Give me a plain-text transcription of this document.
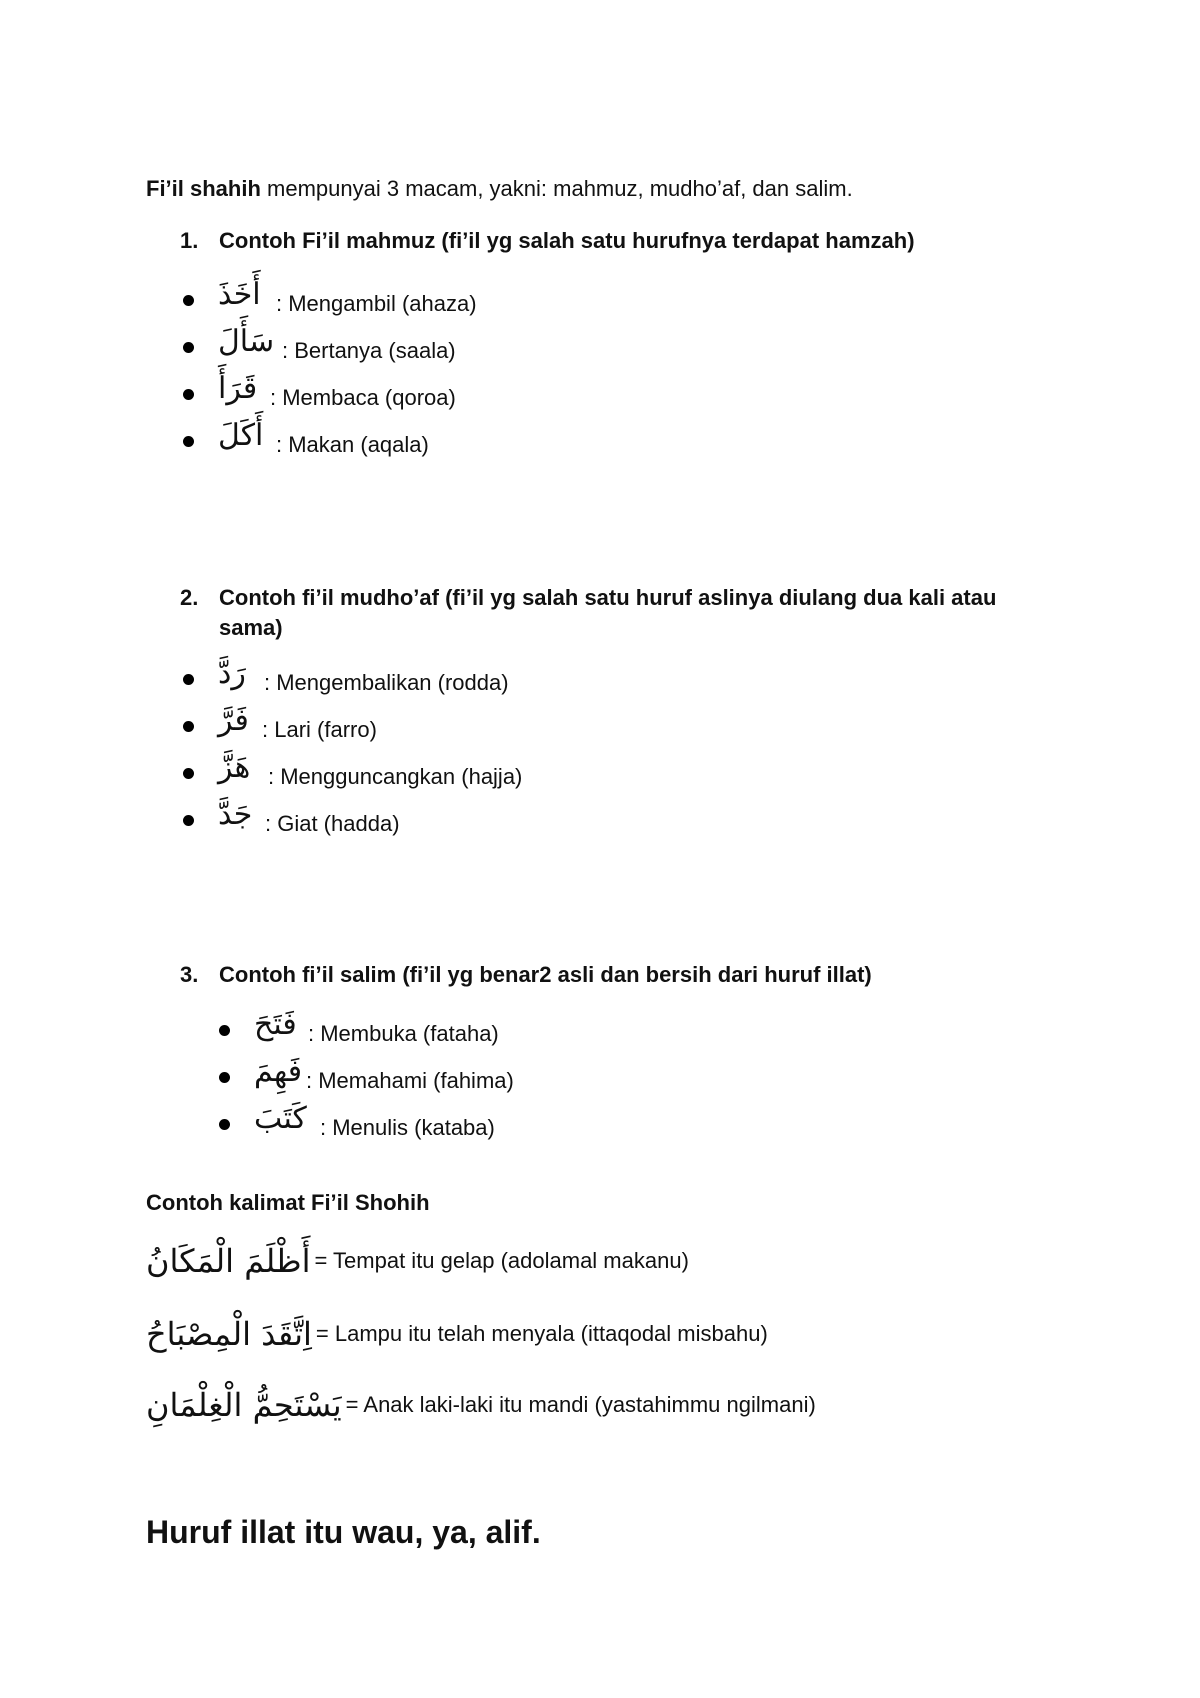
Fi’il shahih mempunyai 3 macam, yakni: mahmuz, mudho’af, dan salim.
1. Contoh Fi’il mahmuz (fi’il yg salah satu hurufnya terdapat hamzah)
أَخَذَ : Mengambil (ahaza)
سَأَلَ : Bertanya (saala)
قَرَأَ : Membaca (qoroa)
أَكَلَ : Makan (aqala)
2. Contoh fi’il mudho’af (fi’il yg salah satu huruf aslinya diulang dua kali atau sama)
رَدَّ : Mengembalikan (rodda)
فَرَّ : Lari (farro)
هَزَّ : Mengguncangkan (hajja)
جَدَّ : Giat (hadda)
3. Contoh fi’il salim (fi’il yg benar2 asli dan bersih dari huruf illat)
فَتَحَ : Membuka (fataha)
فَهِمَ : Memahami (fahima)
كَتَبَ : Menulis (kataba)
Contoh kalimat Fi’il Shohih
أَظْلَمَ الْمَكَانُ = Tempat itu gelap (adolamal makanu)
اِتَّقَدَ الْمِصْبَاحُ = Lampu itu telah menyala (ittaqodal misbahu)
يَسْتَحِمُّ الْغِلْمَانِ = Anak laki-laki itu mandi (yastahimmu ngilmani)
Huruf illat itu wau, ya, alif.
